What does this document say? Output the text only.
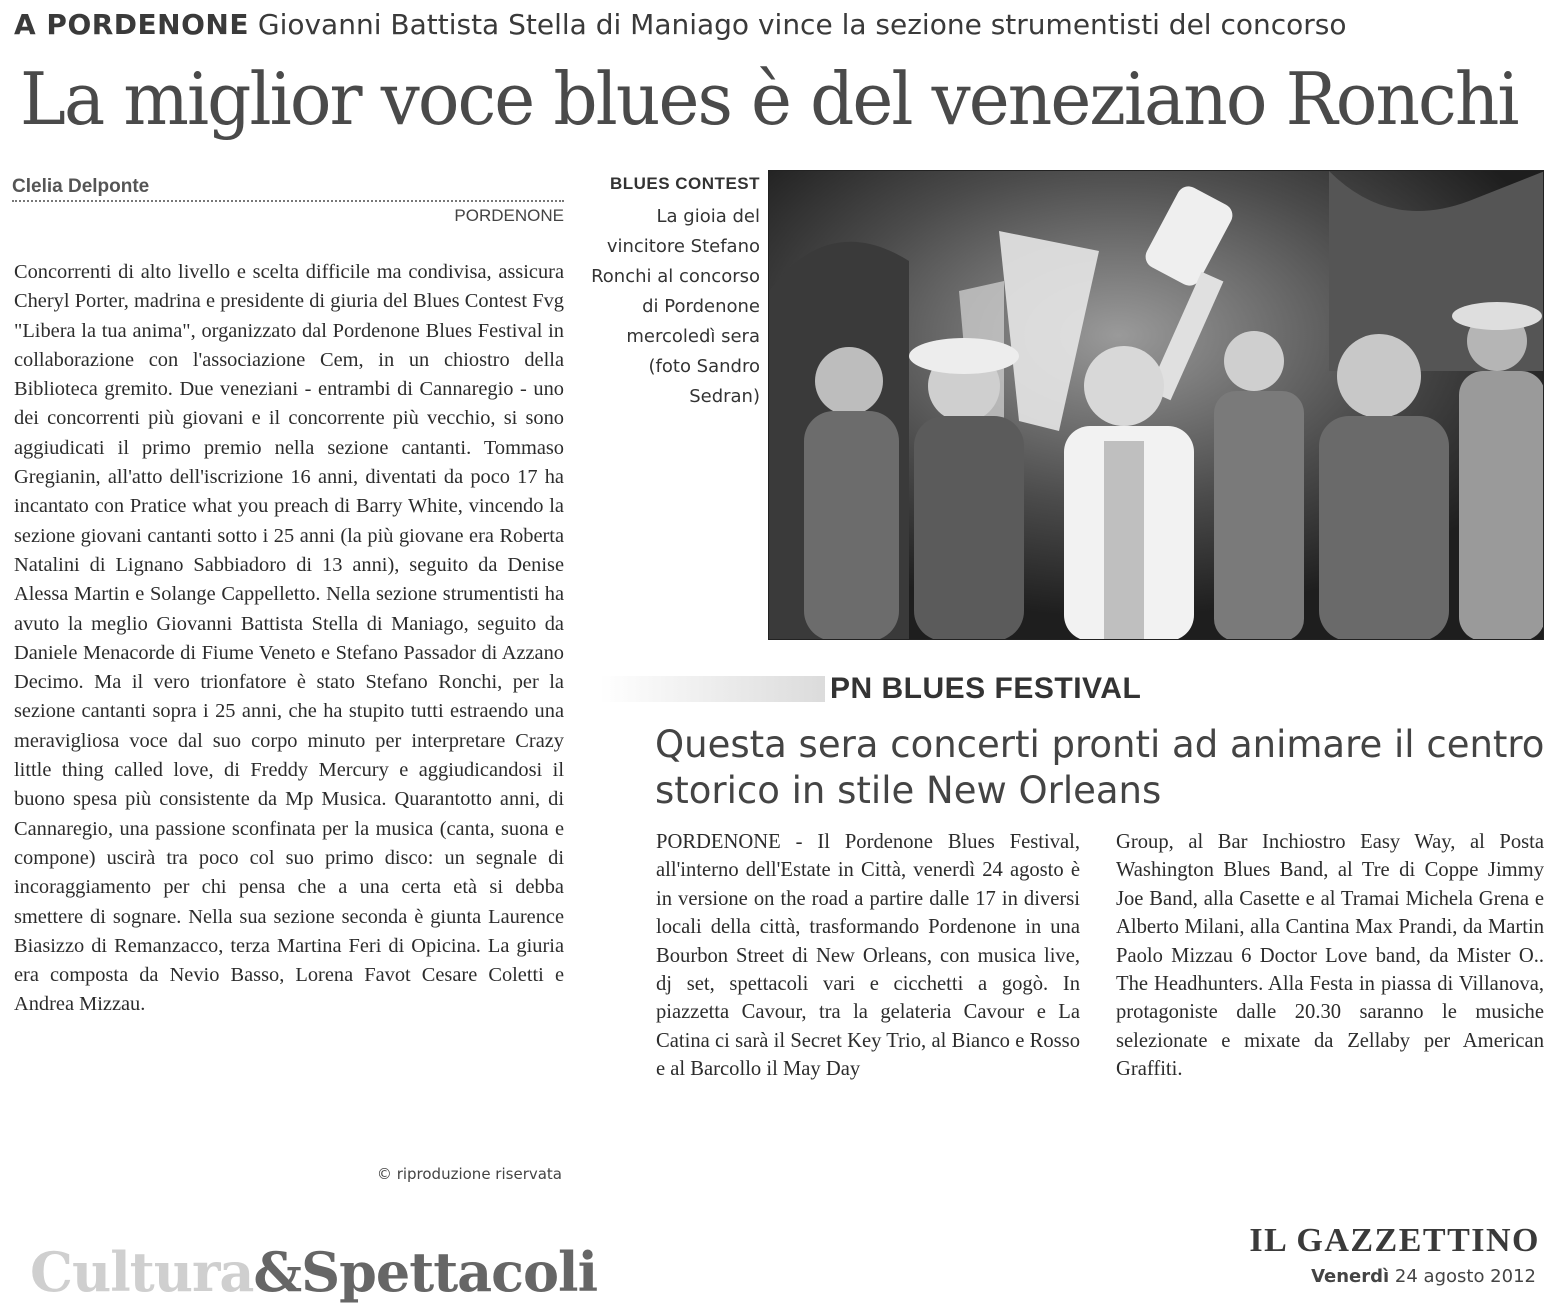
A PORDENONE Giovanni Battista Stella di Maniago vince la sezione strumentisti del concorso
La miglior voce blues è del veneziano Ronchi
Clelia Delponte
PORDENONE
Concorrenti di alto livello e scelta difficile ma condivisa, assicura Cheryl Porter, madrina e presidente di giuria del Blues Contest Fvg "Libera la tua anima", organizzato dal Pordenone Blues Festival in collaborazione con l'associazione Cem, in un chiostro della Biblioteca gremito. Due veneziani - entrambi di Cannaregio - uno dei concorrenti più giovani e il concorrente più vecchio, si sono aggiudicati il primo premio nella sezione cantanti. Tommaso Gregianin, all'atto dell'iscrizione 16 anni, diventati da poco 17 ha incantato con Pratice what you preach di Barry White, vincendo la sezione giovani cantanti sotto i 25 anni (la più giovane era Roberta Natalini di Lignano Sabbiadoro di 13 anni), seguito da Denise Alessa Martin e Solange Cappelletto. Nella sezione strumentisti ha avuto la meglio Giovanni Battista Stella di Maniago, seguito da Daniele Menacorde di Fiume Veneto e Stefano Passador di Azzano Decimo. Ma il vero trionfatore è stato Stefano Ronchi, per la sezione cantanti sopra i 25 anni, che ha stupito tutti estraendo una meravigliosa voce dal suo corpo minuto per interpretare Crazy little thing called love, di Freddy Mercury e aggiudicandosi il buono spesa più consistente da Mp Musica. Quarantotto anni, di Cannaregio, una passione sconfinata per la musica (canta, suona e compone) uscirà tra poco col suo primo disco: un segnale di incoraggiamento per chi pensa che a una certa età si debba smettere di sognare. Nella sua sezione seconda è giunta Laurence Biasizzo di Remanzacco, terza Martina Feri di Opicina. La giuria era composta da Nevio Basso, Lorena Favot Cesare Coletti e Andrea Mizzau.
© riproduzione riservata
BLUES CONTEST
La gioia del vincitore Stefano Ronchi al concorso di Pordenone mercoledì sera (foto Sandro Sedran)
PN BLUES FESTIVAL
Questa sera concerti pronti ad animare il centro storico in stile New Orleans
PORDENONE - Il Pordenone Blues Festival, all'interno dell'Estate in Città, venerdì 24 agosto è in versione on the road a partire dalle 17 in diversi locali della città, trasformando Pordenone in una Bourbon Street di New Orleans, con musica live, dj set, spettacoli vari e cicchetti a gogò. In piazzetta Cavour, tra la gelateria Cavour e La Catina ci sarà il Secret Key Trio, al Bianco e Rosso e al Barcollo il May Day
Group, al Bar Inchiostro Easy Way, al Posta Washington Blues Band, al Tre di Coppe Jimmy Joe Band, alla Casette e al Tramai Michela Grena e Alberto Milani, alla Cantina Max Prandi, da Martin Paolo Mizzau 6 Doctor Love band, da Mister O.. The Headhunters. Alla Festa in piassa di Villanova, protagoniste dalle 20.30 saranno le musiche selezionate e mixate da Zellaby per American Graffiti.
Cultura&Spettacoli	IL GAZZETTINO
Venerdì 24 agosto 2012
